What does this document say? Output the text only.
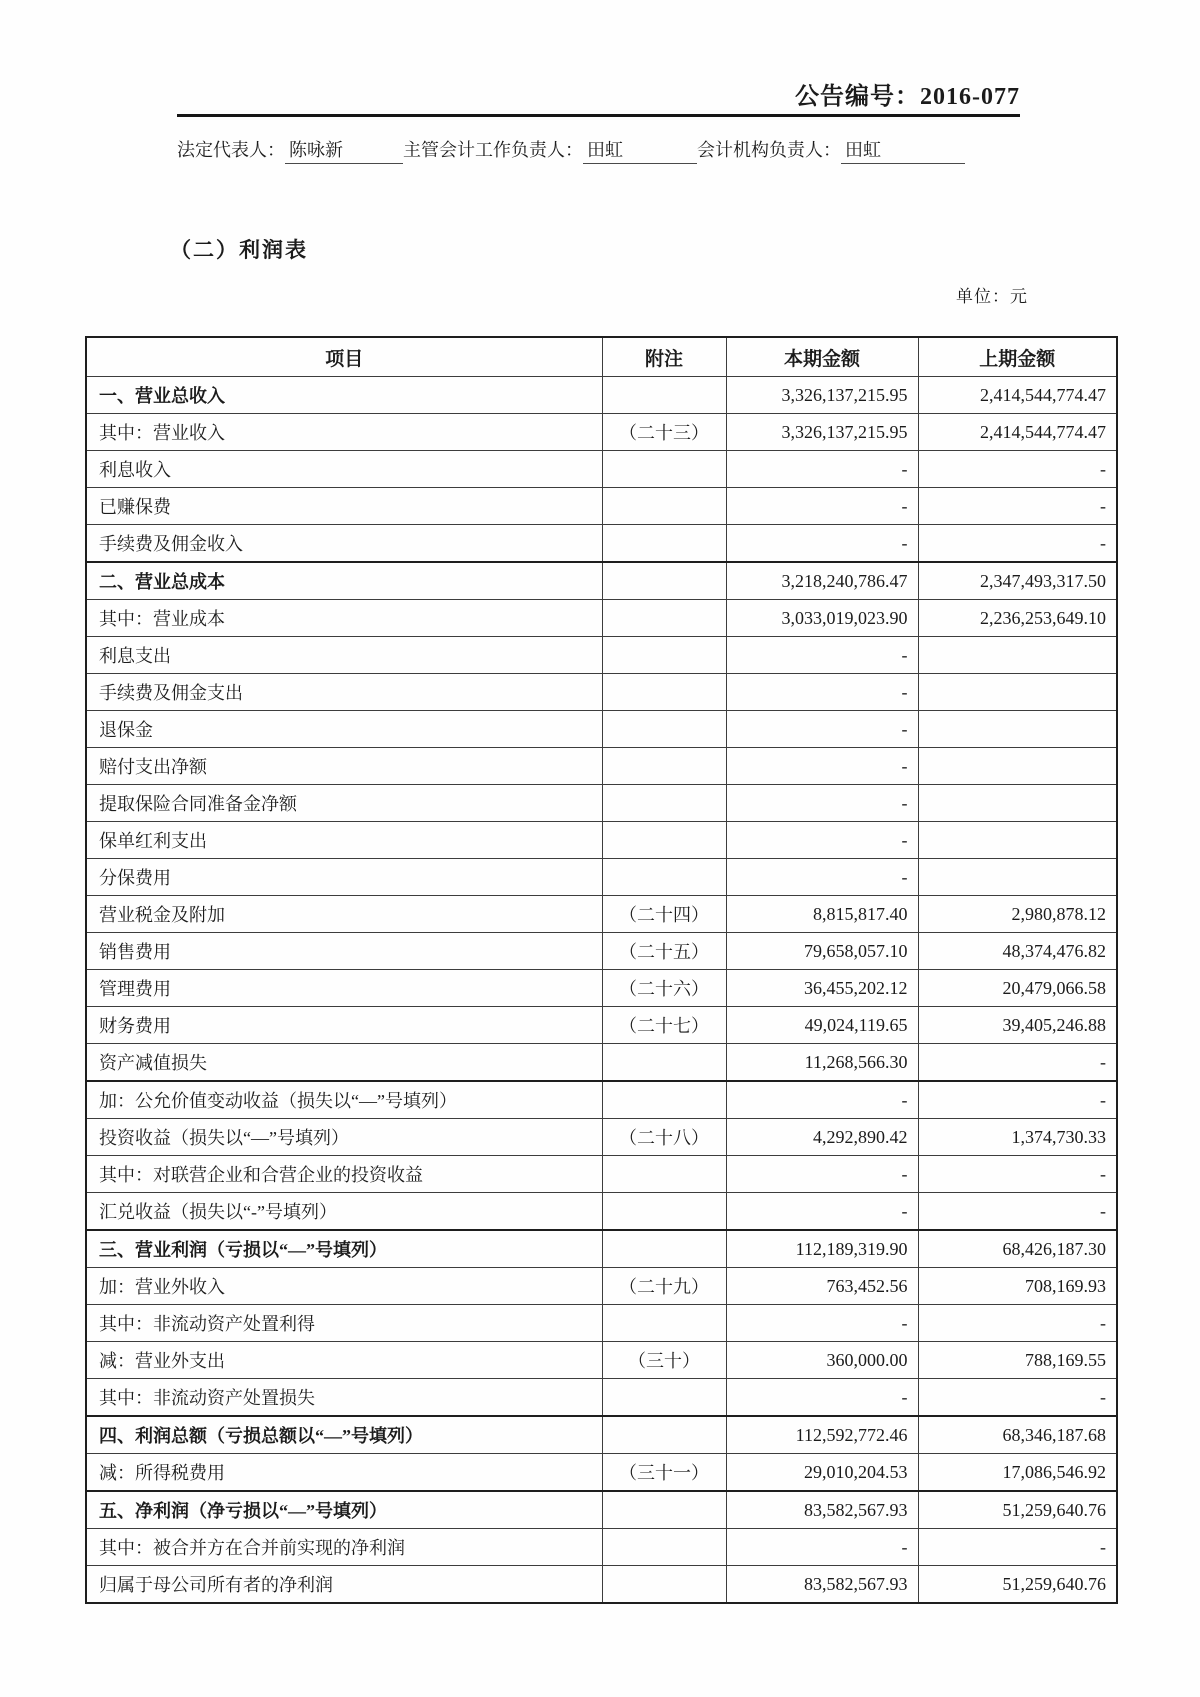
公告编号：2016-077
法定代表人： 陈咏新	主管会计工作负责人： 田虹	会计机构负责人： 田虹
（二）利润表
单位：元
项目	附注	本期金额	上期金额
一、营业总收入		3,326,137,215.95	2,414,544,774.47
其中：营业收入	（二十三）	3,326,137,215.95	2,414,544,774.47
利息收入		-	-
已赚保费		-	-
手续费及佣金收入		-	-
二、营业总成本		3,218,240,786.47	2,347,493,317.50
其中：营业成本		3,033,019,023.90	2,236,253,649.10
利息支出		-	
手续费及佣金支出		-	
退保金		-	
赔付支出净额		-	
提取保险合同准备金净额		-	
保单红利支出		-	
分保费用		-	
营业税金及附加	（二十四）	8,815,817.40	2,980,878.12
销售费用	（二十五）	79,658,057.10	48,374,476.82
管理费用	（二十六）	36,455,202.12	20,479,066.58
财务费用	（二十七）	49,024,119.65	39,405,246.88
资产减值损失		11,268,566.30	-
加：公允价值变动收益（损失以“—”号填列）		-	-
投资收益（损失以“—”号填列）	（二十八）	4,292,890.42	1,374,730.33
其中：对联营企业和合营企业的投资收益		-	-
汇兑收益（损失以“-”号填列）		-	-
三、营业利润（亏损以“—”号填列）		112,189,319.90	68,426,187.30
加：营业外收入	（二十九）	763,452.56	708,169.93
其中：非流动资产处置利得		-	-
减：营业外支出	（三十）	360,000.00	788,169.55
其中：非流动资产处置损失		-	-
四、利润总额（亏损总额以“—”号填列）		112,592,772.46	68,346,187.68
减：所得税费用	（三十一）	29,010,204.53	17,086,546.92
五、净利润（净亏损以“—”号填列）		83,582,567.93	51,259,640.76
其中：被合并方在合并前实现的净利润		-	-
归属于母公司所有者的净利润		83,582,567.93	51,259,640.76
